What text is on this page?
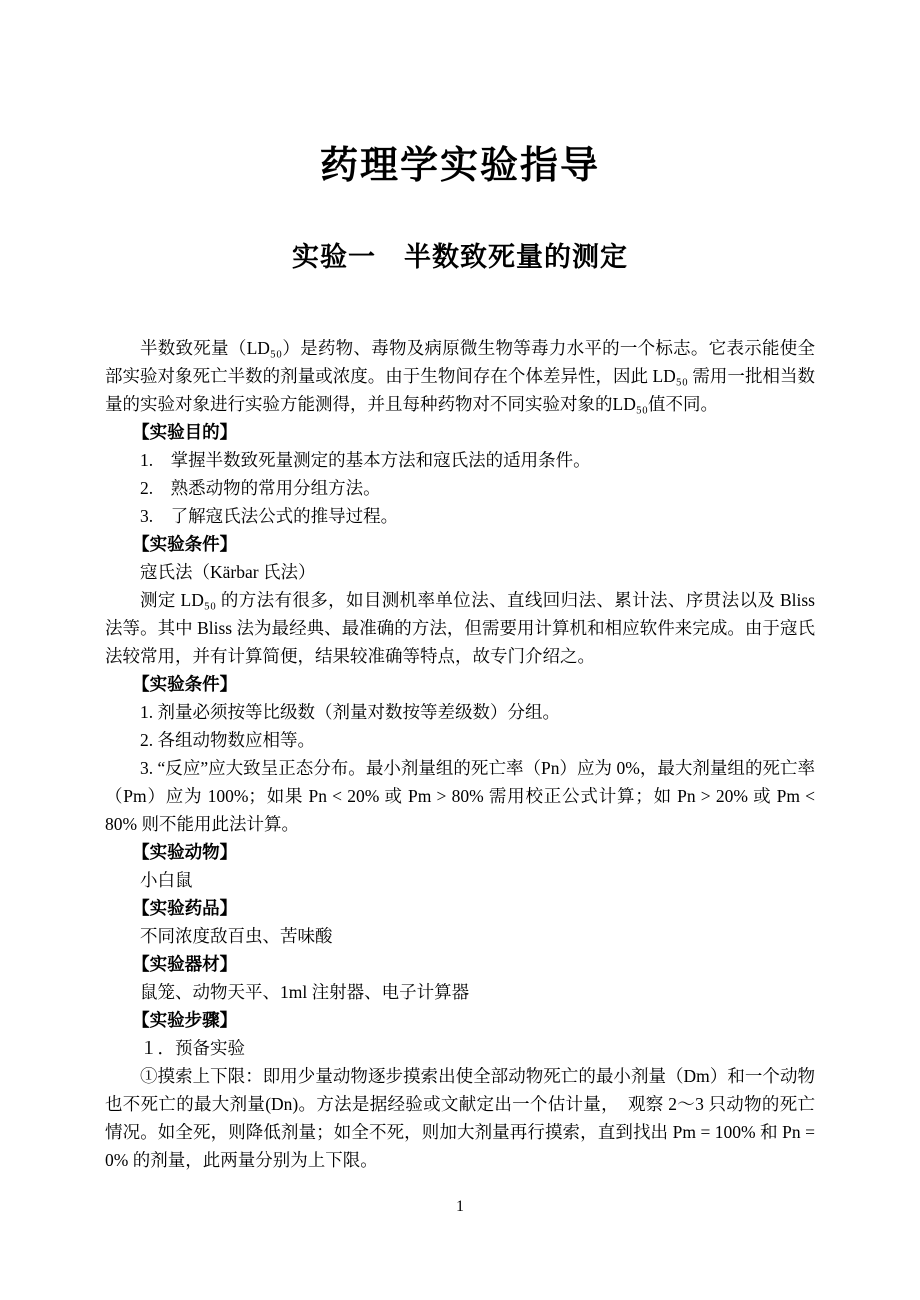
药理学实验指导
实验一　半数致死量的测定

半数致死量（LD₅₀）是药物、毒物及病原微生物等毒力水平的一个标志。它表示能使全部实验对象死亡半数的剂量或浓度。由于生物间存在个体差异性，因此 LD₅₀ 需用一批相当数量的实验对象进行实验方能测得，并且每种药物对不同实验对象的LD₅₀值不同。

【实验目的】

1.　掌握半数致死量测定的基本方法和寇氏法的适用条件。

2.　熟悉动物的常用分组方法。

3.　了解寇氏法公式的推导过程。

【实验条件】

寇氏法（Kärbar 氏法）

测定 LD₅₀ 的方法有很多，如目测机率单位法、直线回归法、累计法、序贯法以及 Bliss 法等。其中 Bliss 法为最经典、最准确的方法，但需要用计算机和相应软件来完成。由于寇氏法较常用，并有计算简便，结果较准确等特点，故专门介绍之。

【实验条件】

1. 剂量必须按等比级数（剂量对数按等差级数）分组。

2. 各组动物数应相等。

3. “反应”应大致呈正态分布。最小剂量组的死亡率（Pn）应为 0%，最大剂量组的死亡率（Pm）应为 100%；如果 Pn < 20% 或 Pm > 80% 需用校正公式计算；如 Pn > 20% 或 Pm < 80% 则不能用此法计算。

【实验动物】

小白鼠

【实验药品】

不同浓度敌百虫、苦味酸

【实验器材】

鼠笼、动物天平、1ml 注射器、电子计算器

【实验步骤】

１．预备实验

①摸索上下限：即用少量动物逐步摸索出使全部动物死亡的最小剂量（Dm）和一个动物也不死亡的最大剂量(Dn)。方法是据经验或文献定出一个估计量，　观察 2～3 只动物的死亡情况。如全死，则降低剂量；如全不死，则加大剂量再行摸索，直到找出 Pm = 100% 和 Pn = 0% 的剂量，此两量分别为上下限。

1
